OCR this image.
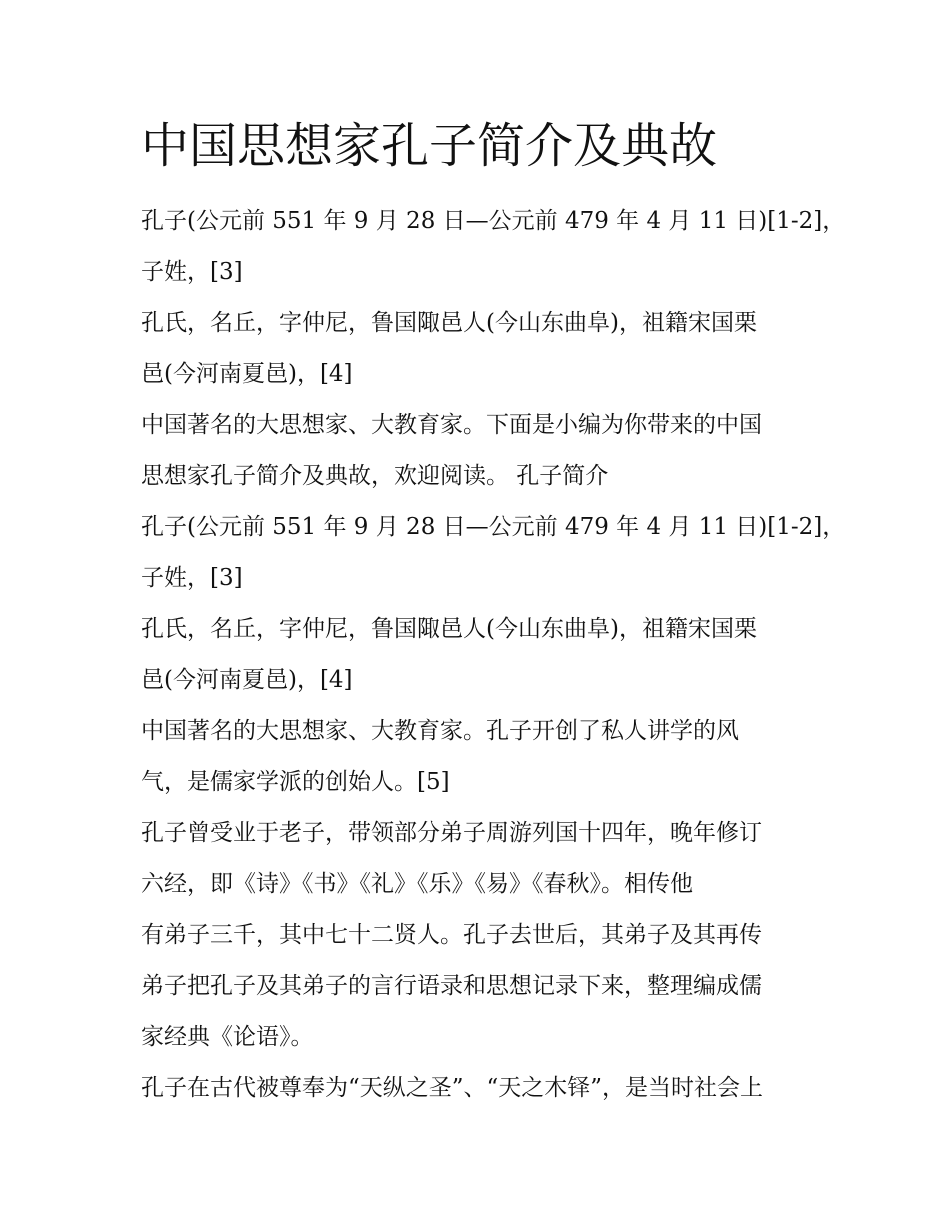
中国思想家孔子简介及典故

孔子(公元前 551 年 9 月 28 日—公元前 479 年 4 月 11 日)[1-2]，

子姓，[3]

孔氏，名丘，字仲尼，鲁国陬邑人(今山东曲阜)，祖籍宋国栗

邑(今河南夏邑)，[4]

中国著名的大思想家、大教育家。下面是小编为你带来的中国

思想家孔子简介及典故，欢迎阅读。 孔子简介

孔子(公元前 551 年 9 月 28 日—公元前 479 年 4 月 11 日)[1-2]，

子姓，[3]

孔氏，名丘，字仲尼，鲁国陬邑人(今山东曲阜)，祖籍宋国栗

邑(今河南夏邑)，[4]

中国著名的大思想家、大教育家。孔子开创了私人讲学的风

气，是儒家学派的创始人。[5]

孔子曾受业于老子，带领部分弟子周游列国十四年，晚年修订

六经，即《诗》《书》《礼》《乐》《易》《春秋》。相传他

有弟子三千，其中七十二贤人。孔子去世后，其弟子及其再传

弟子把孔子及其弟子的言行语录和思想记录下来，整理编成儒

家经典《论语》。

孔子在古代被尊奉为“天纵之圣”、“天之木铎”，是当时社会上
